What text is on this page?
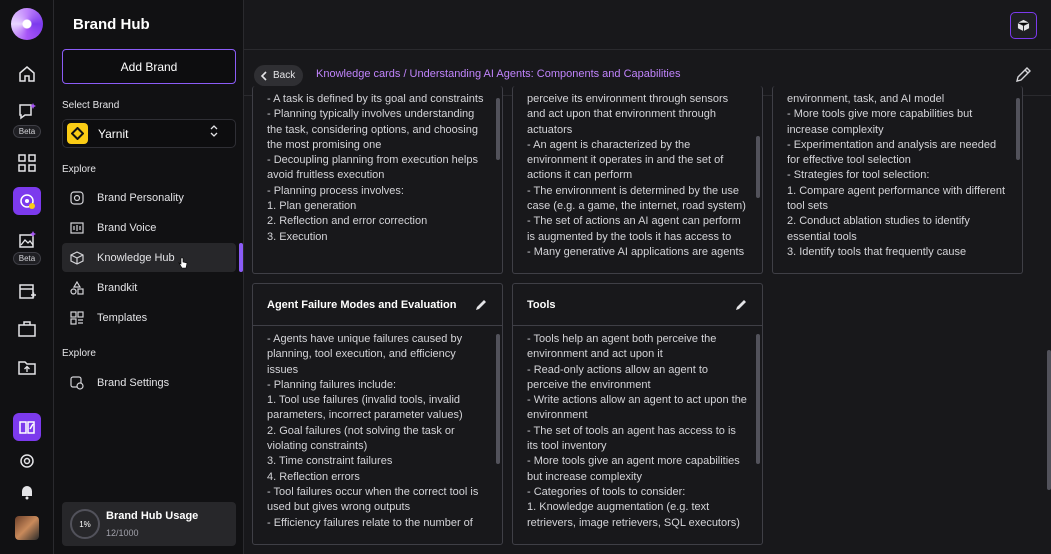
Beta
Beta
Brand Hub
Add Brand
Select Brand
Yarnit
Explore
Brand Personality
Brand Voice
Knowledge Hub
Brandkit
Templates
Explore
Brand Settings
1%
Brand Hub Usage
12/1000
Back Knowledge cards / Understanding AI Agents: Components and Capabilities
- A task is defined by its goal and constraints
- Planning typically involves understanding the task, considering options, and choosing the most promising one
- Decoupling planning from execution helps avoid fruitless execution
- Planning process involves:
1. Plan generation
2. Reflection and error correction
3. Execution
perceive its environment through sensors and act upon that environment through actuators
- An agent is characterized by the environment it operates in and the set of actions it can perform
- The environment is determined by the use case (e.g. a game, the internet, road system)
- The set of actions an AI agent can perform is augmented by the tools it has access to
- Many generative AI applications are agents
environment, task, and AI model
- More tools give more capabilities but increase complexity
- Experimentation and analysis are needed for effective tool selection
- Strategies for tool selection:
1. Compare agent performance with different tool sets
2. Conduct ablation studies to identify essential tools
3. Identify tools that frequently cause
Agent Failure Modes and Evaluation
- Agents have unique failures caused by planning, tool execution, and efficiency issues
- Planning failures include:
1. Tool use failures (invalid tools, invalid parameters, incorrect parameter values)
2. Goal failures (not solving the task or violating constraints)
3. Time constraint failures
4. Reflection errors
- Tool failures occur when the correct tool is used but gives wrong outputs
- Efficiency failures relate to the number of
Tools
- Tools help an agent both perceive the environment and act upon it
- Read-only actions allow an agent to perceive the environment
- Write actions allow an agent to act upon the environment
- The set of tools an agent has access to is its tool inventory
- More tools give an agent more capabilities but increase complexity
- Categories of tools to consider:
1. Knowledge augmentation (e.g. text retrievers, image retrievers, SQL executors)
